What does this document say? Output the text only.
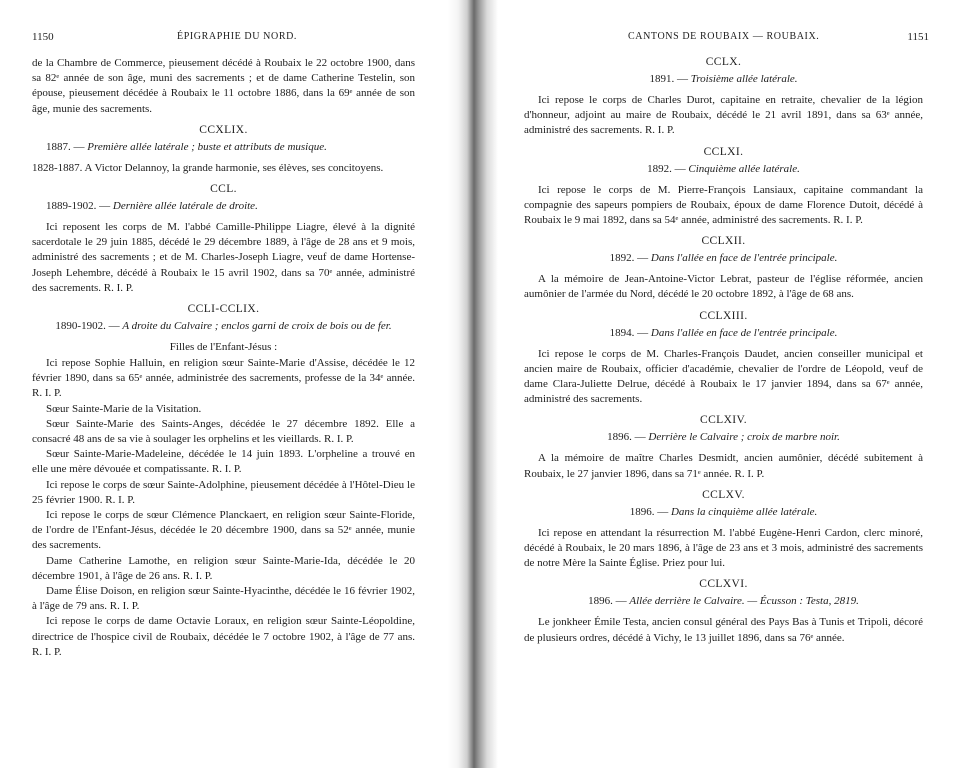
1150	ÉPIGRAPHIE DU NORD.

de la Chambre de Commerce, pieusement décédé à Roubaix le 22 octobre 1900, dans sa 82ᵉ année de son âge, muni des sacrements ; et de dame Catherine Testelin, son épouse, pieusement décédée à Roubaix le 11 octobre 1886, dans la 69ᵉ année de son âge, munie des sacrements.

CCXLIX.

1887. — Première allée latérale ; buste et attributs de musique.

1828-1887. A Victor Delannoy, la grande harmonie, ses élèves, ses concitoyens.

CCL.

1889-1902. — Dernière allée latérale de droite.

Ici reposent les corps de M. l'abbé Camille-Philippe Liagre, élevé à la dignité sacerdotale le 29 juin 1885, décédé le 29 décembre 1889, à l'âge de 28 ans et 9 mois, administré des sacrements ; et de M. Charles-Joseph Liagre, veuf de dame Hortense-Joseph Lehembre, décédé à Roubaix le 15 avril 1902, dans sa 70ᵉ année, administré des sacrements. R. I. P.

CCLI-CCLIX.

1890-1902. — A droite du Calvaire ; enclos garni de croix de bois ou de fer.

Filles de l'Enfant-Jésus :

Ici repose Sophie Halluin, en religion sœur Sainte-Marie d'Assise, décédée le 12 février 1890, dans sa 65ᵉ année, administrée des sacrements, professe de la 34ᵉ année. R. I. P.

Sœur Sainte-Marie de la Visitation.

Sœur Sainte-Marie des Saints-Anges, décédée le 27 décembre 1892. Elle a consacré 48 ans de sa vie à soulager les orphelins et les vieillards. R. I. P.

Sœur Sainte-Marie-Madeleine, décédée le 14 juin 1893. L'orpheline a trouvé en elle une mère dévouée et compatissante. R. I. P.

Ici repose le corps de sœur Sainte-Adolphine, pieusement décédée à l'Hôtel-Dieu le 25 février 1900. R. I. P.

Ici repose le corps de sœur Clémence Planckaert, en religion sœur Sainte-Floride, de l'ordre de l'Enfant-Jésus, décédée le 20 décembre 1900, dans sa 52ᵉ année, munie des sacrements.

Dame Catherine Lamothe, en religion sœur Sainte-Marie-Ida, décédée le 20 décembre 1901, à l'âge de 26 ans. R. I. P.

Dame Élise Doison, en religion sœur Sainte-Hyacinthe, décédée le 16 février 1902, à l'âge de 79 ans. R. I. P.

Ici repose le corps de dame Octavie Loraux, en religion sœur Sainte-Léopoldine, directrice de l'hospice civil de Roubaix, décédée le 7 octobre 1902, à l'âge de 77 ans. R. I. P.

CANTONS DE ROUBAIX — ROUBAIX.	1151
CCLX.

1891. — Troisième allée latérale.

Ici repose le corps de Charles Durot, capitaine en retraite, chevalier de la légion d'honneur, adjoint au maire de Roubaix, décédé le 21 avril 1891, dans sa 63ᵉ année, administré des sacrements. R. I. P.

CCLXI.

1892. — Cinquième allée latérale.

Ici repose le corps de M. Pierre-François Lansiaux, capitaine commandant la compagnie des sapeurs pompiers de Roubaix, époux de dame Florence Dutoit, décédé à Roubaix le 9 mai 1892, dans sa 54ᵉ année, administré des sacrements. R. I. P.

CCLXII.

1892. — Dans l'allée en face de l'entrée principale.

A la mémoire de Jean-Antoine-Victor Lebrat, pasteur de l'église réformée, ancien aumônier de l'armée du Nord, décédé le 20 octobre 1892, à l'âge de 68 ans.

CCLXIII.

1894. — Dans l'allée en face de l'entrée principale.

Ici repose le corps de M. Charles-François Daudet, ancien conseiller municipal et ancien maire de Roubaix, officier d'académie, chevalier de l'ordre de Léopold, veuf de dame Clara-Juliette Delrue, décédé à Roubaix le 17 janvier 1894, dans sa 67ᵉ année, administré des sacrements.

CCLXIV.

1896. — Derrière le Calvaire ; croix de marbre noir.

A la mémoire de maître Charles Desmidt, ancien aumônier, décédé subitement à Roubaix, le 27 janvier 1896, dans sa 71ᵉ année. R. I. P.

CCLXV.

1896. — Dans la cinquième allée latérale.

Ici repose en attendant la résurrection M. l'abbé Eugène-Henri Cardon, clerc minoré, décédé à Roubaix, le 20 mars 1896, à l'âge de 23 ans et 3 mois, administré des sacrements de notre Mère la Sainte Église. Priez pour lui.

CCLXVI.

1896. — Allée derrière le Calvaire. — Écusson : Testa, 2819.

Le jonkheer Émile Testa, ancien consul général des Pays Bas à Tunis et Tripoli, décoré de plusieurs ordres, décédé à Vichy, le 13 juillet 1896, dans sa 76ᵉ année.
